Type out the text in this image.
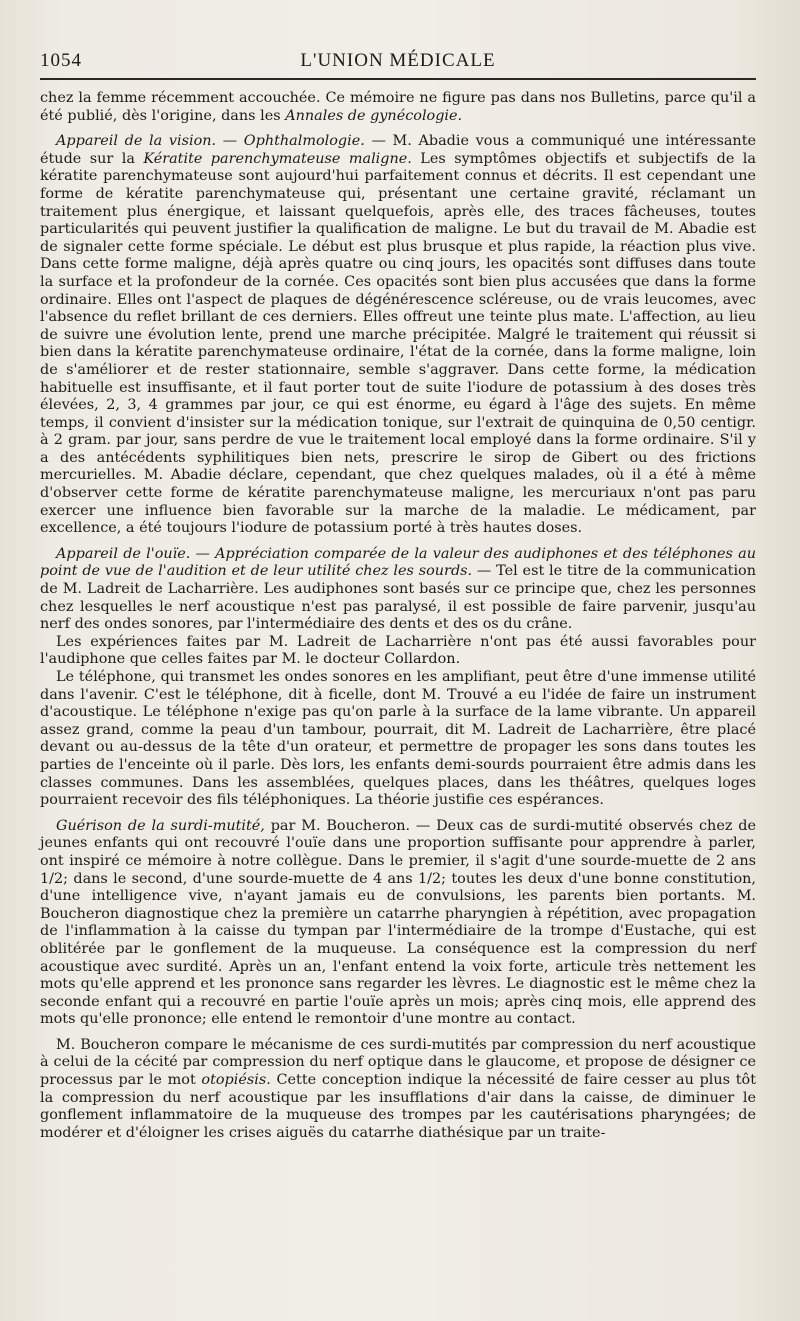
1054	L'UNION MÉDICALE

chez la femme récemment accouchée. Ce mémoire ne figure pas dans nos Bulletins, parce qu'il a été publié, dès l'origine, dans les Annales de gynécologie.

Appareil de la vision. — Ophthalmologie. — M. Abadie vous a communiqué une intéressante étude sur la Kératite parenchymateuse maligne. Les symptômes objectifs et subjectifs de la kératite parenchymateuse sont aujourd'hui parfaitement connus et décrits. Il est cependant une forme de kératite parenchymateuse qui, présentant une certaine gravité, réclamant un traitement plus énergique, et laissant quelquefois, après elle, des traces fâcheuses, toutes particularités qui peuvent justifier la qualification de maligne. Le but du travail de M. Abadie est de signaler cette forme spéciale. Le début est plus brusque et plus rapide, la réaction plus vive. Dans cette forme maligne, déjà après quatre ou cinq jours, les opacités sont diffuses dans toute la surface et la profondeur de la cornée. Ces opacités sont bien plus accusées que dans la forme ordinaire. Elles ont l'aspect de plaques de dégénérescence scléreuse, ou de vrais leucomes, avec l'absence du reflet brillant de ces derniers. Elles offreut une teinte plus mate. L'affection, au lieu de suivre une évolution lente, prend une marche précipitée. Malgré le traitement qui réussit si bien dans la kératite parenchymateuse ordinaire, l'état de la cornée, dans la forme maligne, loin de s'améliorer et de rester stationnaire, semble s'aggraver. Dans cette forme, la médication habituelle est insuffisante, et il faut porter tout de suite l'iodure de potassium à des doses très élevées, 2, 3, 4 grammes par jour, ce qui est énorme, eu égard à l'âge des sujets. En même temps, il convient d'insister sur la médication tonique, sur l'extrait de quinquina de 0,50 centigr. à 2 gram. par jour, sans perdre de vue le traitement local employé dans la forme ordinaire. S'il y a des antécédents syphilitiques bien nets, prescrire le sirop de Gibert ou des frictions mercurielles. M. Abadie déclare, cependant, que chez quelques malades, où il a été à même d'observer cette forme de kératite parenchymateuse maligne, les mercuriaux n'ont pas paru exercer une influence bien favorable sur la marche de la maladie. Le médicament, par excellence, a été toujours l'iodure de potassium porté à très hautes doses.

Appareil de l'ouïe. — Appréciation comparée de la valeur des audiphones et des téléphones au point de vue de l'audition et de leur utilité chez les sourds. — Tel est le titre de la communication de M. Ladreit de Lacharrière. Les audiphones sont basés sur ce principe que, chez les personnes chez lesquelles le nerf acoustique n'est pas paralysé, il est possible de faire parvenir, jusqu'au nerf des ondes sonores, par l'intermédiaire des dents et des os du crâne.

Les expériences faites par M. Ladreit de Lacharrière n'ont pas été aussi favorables pour l'audiphone que celles faites par M. le docteur Collardon.

Le téléphone, qui transmet les ondes sonores en les amplifiant, peut être d'une immense utilité dans l'avenir. C'est le téléphone, dit à ficelle, dont M. Trouvé a eu l'idée de faire un instrument d'acoustique. Le téléphone n'exige pas qu'on parle à la surface de la lame vibrante. Un appareil assez grand, comme la peau d'un tambour, pourrait, dit M. Ladreit de Lacharrière, être placé devant ou au-dessus de la tête d'un orateur, et permettre de propager les sons dans toutes les parties de l'enceinte où il parle. Dès lors, les enfants demi-sourds pourraient être admis dans les classes communes. Dans les assemblées, quelques places, dans les théâtres, quelques loges pourraient recevoir des fils téléphoniques. La théorie justifie ces espérances.

Guérison de la surdi-mutité, par M. Boucheron. — Deux cas de surdi-mutité observés chez de jeunes enfants qui ont recouvré l'ouïe dans une proportion suffisante pour apprendre à parler, ont inspiré ce mémoire à notre collègue. Dans le premier, il s'agit d'une sourde-muette de 2 ans 1/2; dans le second, d'une sourde-muette de 4 ans 1/2; toutes les deux d'une bonne constitution, d'une intelligence vive, n'ayant jamais eu de convulsions, les parents bien portants. M. Boucheron diagnostique chez la première un catarrhe pharyngien à répétition, avec propagation de l'inflammation à la caisse du tympan par l'intermédiaire de la trompe d'Eustache, qui est oblitérée par le gonflement de la muqueuse. La conséquence est la compression du nerf acoustique avec surdité. Après un an, l'enfant entend la voix forte, articule très nettement les mots qu'elle apprend et les prononce sans regarder les lèvres. Le diagnostic est le même chez la seconde enfant qui a recouvré en partie l'ouïe après un mois; après cinq mois, elle apprend des mots qu'elle prononce; elle entend le remontoir d'une montre au contact.

M. Boucheron compare le mécanisme de ces surdi-mutités par compression du nerf acoustique à celui de la cécité par compression du nerf optique dans le glaucome, et propose de désigner ce processus par le mot otopiésis. Cette conception indique la nécessité de faire cesser au plus tôt la compression du nerf acoustique par les insufflations d'air dans la caisse, de diminuer le gonflement inflammatoire de la muqueuse des trompes par les cautérisations pharyngées; de modérer et d'éloigner les crises aiguës du catarrhe diathésique par un traite-
